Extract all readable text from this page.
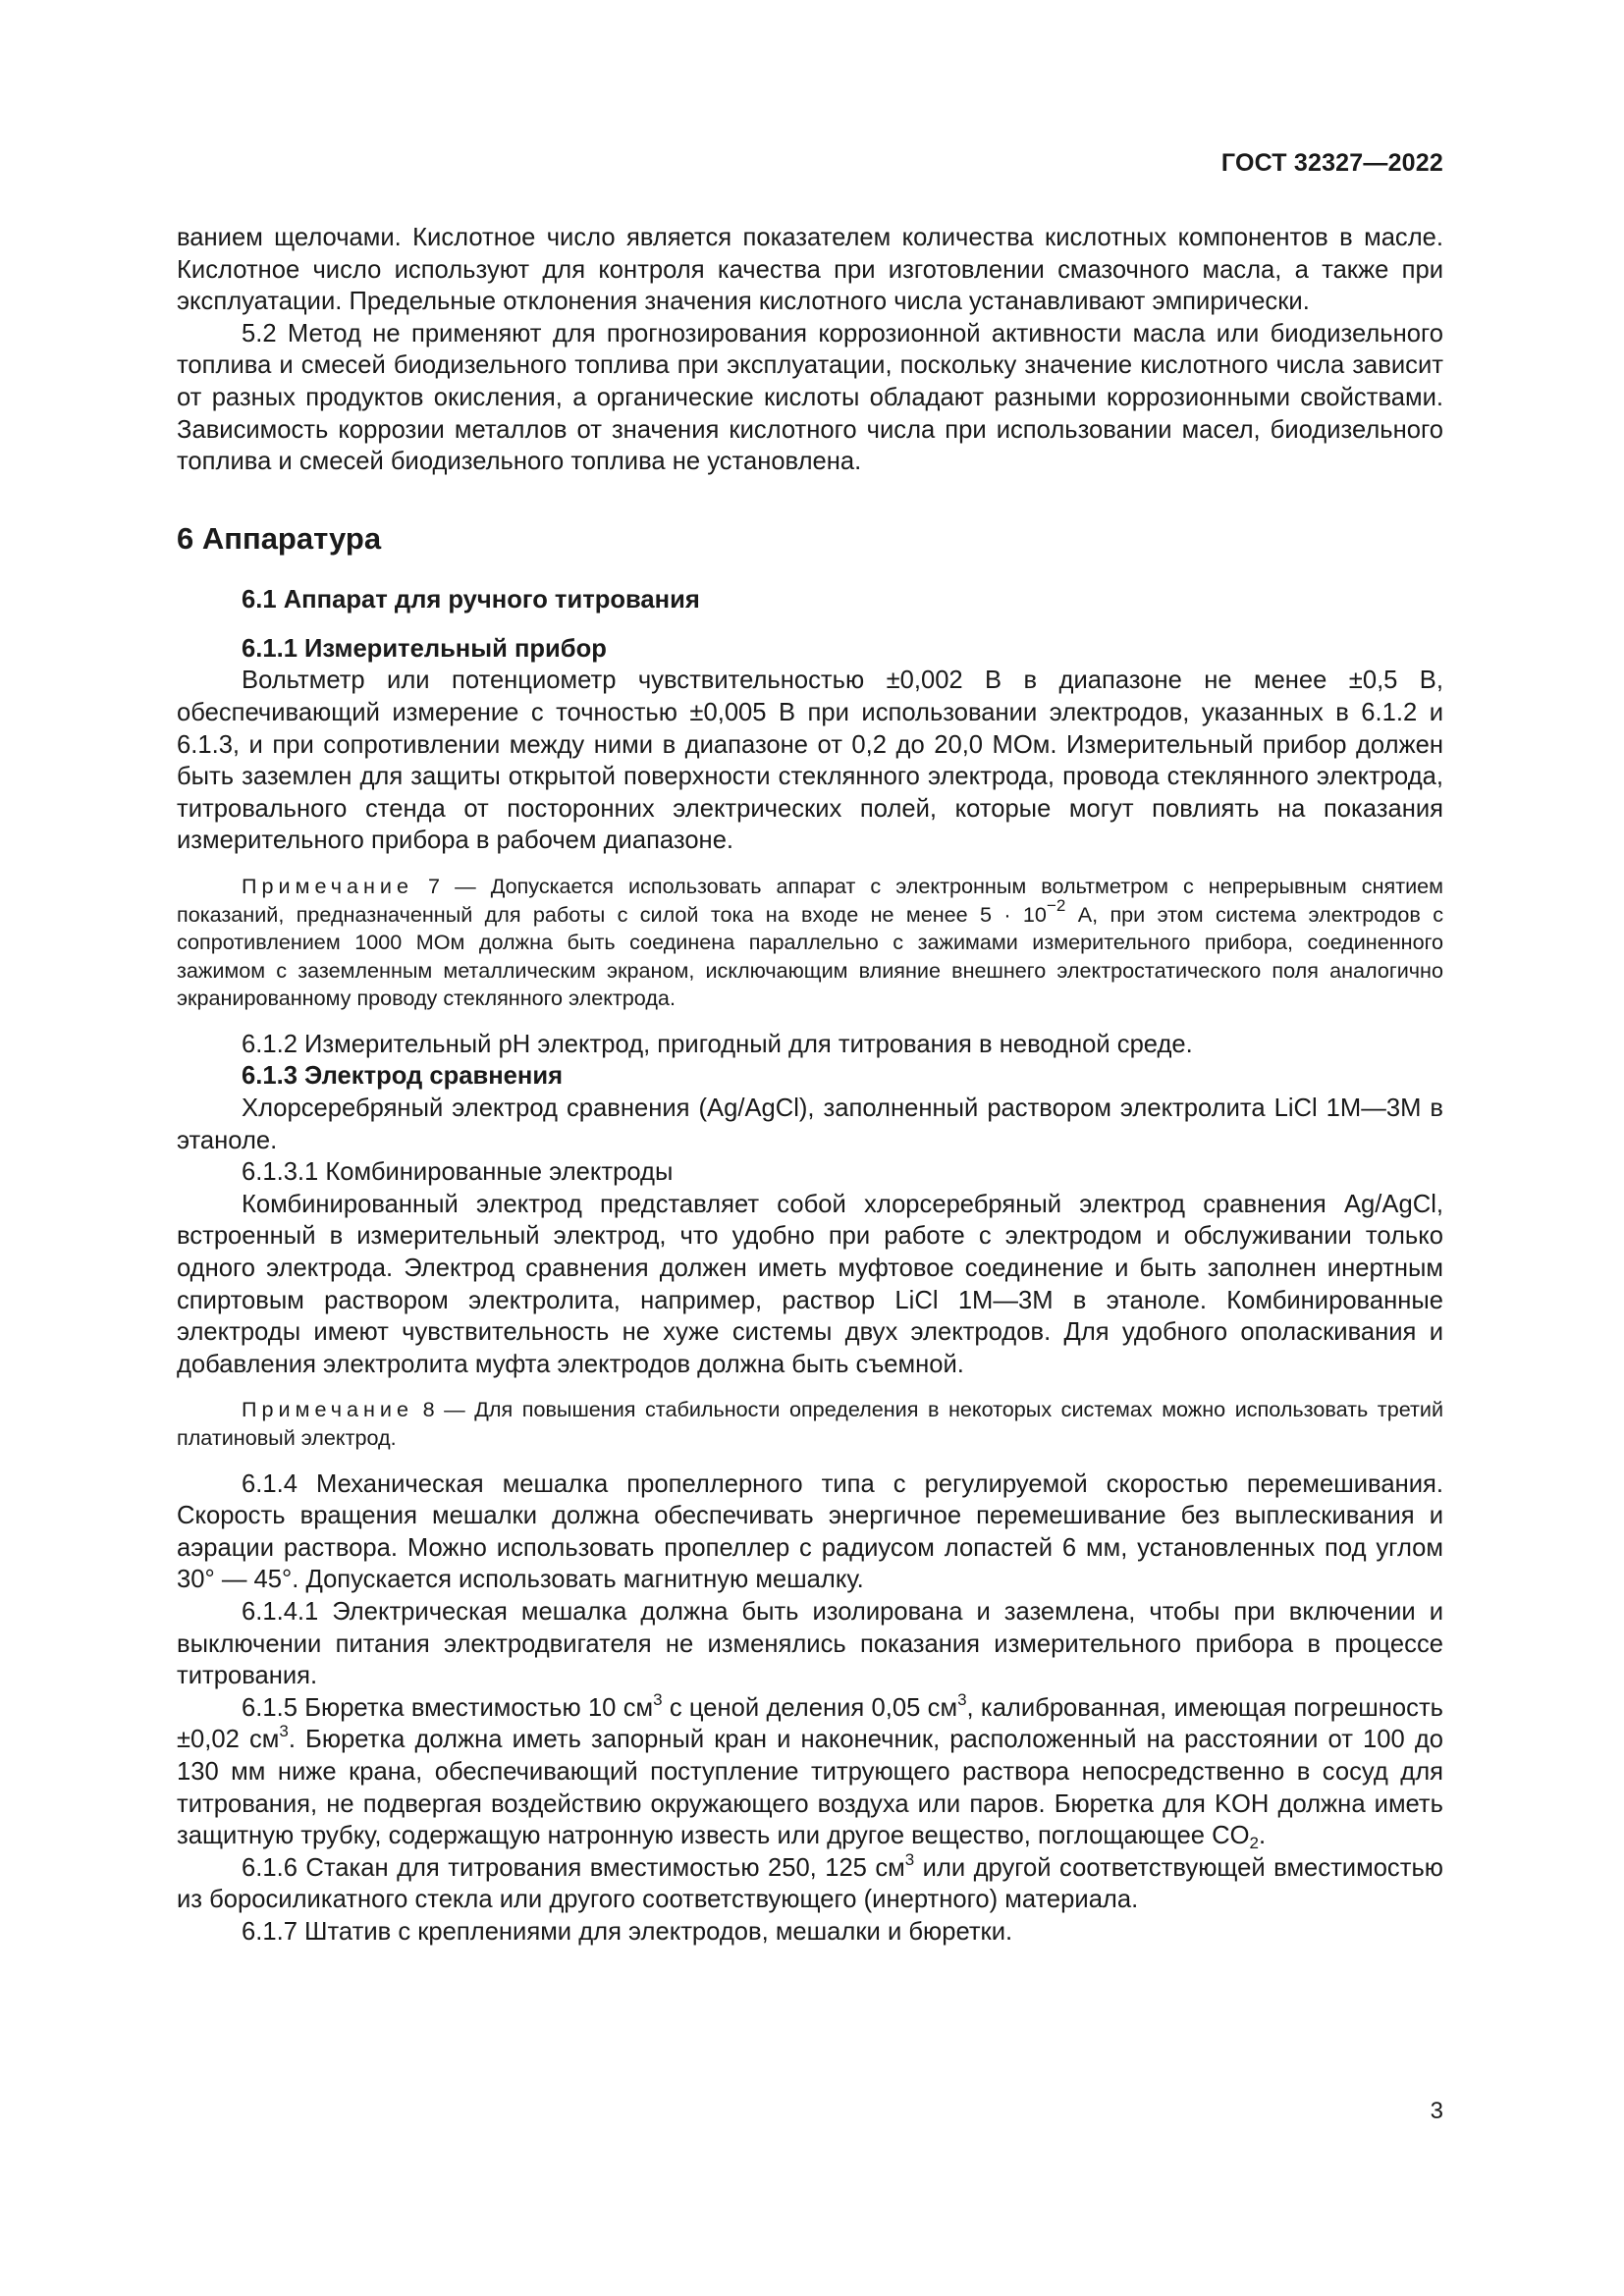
ГОСТ 32327—2022

ванием щелочами. Кислотное число является показателем количества кислотных компонентов в масле. Кислотное число используют для контроля качества при изготовлении смазочного масла, а также при эксплуатации. Предельные отклонения значения кислотного числа устанавливают эмпирически.

5.2 Метод не применяют для прогнозирования коррозионной активности масла или биодизельного топлива и смесей биодизельного топлива при эксплуатации, поскольку значение кислотного числа зависит от разных продуктов окисления, а органические кислоты обладают разными коррозионными свойствами. Зависимость коррозии металлов от значения кислотного числа при использовании масел, биодизельного топлива и смесей биодизельного топлива не установлена.

6 Аппаратура
6.1 Аппарат для ручного титрования
6.1.1 Измерительный прибор

Вольтметр или потенциометр чувствительностью ±0,002 В в диапазоне не менее ±0,5 В, обеспечивающий измерение с точностью ±0,005 В при использовании электродов, указанных в 6.1.2 и 6.1.3, и при сопротивлении между ними в диапазоне от 0,2 до 20,0 МОм. Измерительный прибор должен быть заземлен для защиты открытой поверхности стеклянного электрода, провода стеклянного электрода, титровального стенда от посторонних электрических полей, которые могут повлиять на показания измерительного прибора в рабочем диапазоне.

Примечание 7 — Допускается использовать аппарат с электронным вольтметром с непрерывным снятием показаний, предназначенный для работы с силой тока на входе не менее $5 \cdot 10^{-2}$ А, при этом система электродов с сопротивлением 1000 МОм должна быть соединена параллельно с зажимами измерительного прибора, соединенного зажимом с заземленным металлическим экраном, исключающим влияние внешнего электростатического поля аналогично экранированному проводу стеклянного электрода.

6.1.2 Измерительный рН электрод, пригодный для титрования в неводной среде.

6.1.3 Электрод сравнения

Хлорсеребряный электрод сравнения (Ag/AgCl), заполненный раствором электролита LiCl 1M—3M в этаноле.

6.1.3.1 Комбинированные электроды

Комбинированный электрод представляет собой хлорсеребряный электрод сравнения Ag/AgCl, встроенный в измерительный электрод, что удобно при работе с электродом и обслуживании только одного электрода. Электрод сравнения должен иметь муфтовое соединение и быть заполнен инертным спиртовым раствором электролита, например, раствор LiCl 1M—3M в этаноле. Комбинированные электроды имеют чувствительность не хуже системы двух электродов. Для удобного ополаскивания и добавления электролита муфта электродов должна быть съемной.

Примечание 8 — Для повышения стабильности определения в некоторых системах можно использовать третий платиновый электрод.

6.1.4 Механическая мешалка пропеллерного типа с регулируемой скоростью перемешивания. Скорость вращения мешалки должна обеспечивать энергичное перемешивание без выплескивания и аэрации раствора. Можно использовать пропеллер с радиусом лопастей 6 мм, установленных под углом 30° — 45°. Допускается использовать магнитную мешалку.

6.1.4.1 Электрическая мешалка должна быть изолирована и заземлена, чтобы при включении и выключении питания электродвигателя не изменялись показания измерительного прибора в процессе титрования.

6.1.5 Бюретка вместимостью 10 $см^3$ с ценой деления 0,05 $см^3$, калиброванная, имеющая погрешность ±0,02 $см^3$. Бюретка должна иметь запорный кран и наконечник, расположенный на расстоянии от 100 до 130 мм ниже крана, обеспечивающий поступление титрующего раствора непосредственно в сосуд для титрования, не подвергая воздействию окружающего воздуха или паров. Бюретка для KOH должна иметь защитную трубку, содержащую натронную известь или другое вещество, поглощающее $CO_2$.

6.1.6 Стакан для титрования вместимостью 250, 125 $см^3$ или другой соответствующей вместимостью из боросиликатного стекла или другого соответствующего (инертного) материала.

6.1.7 Штатив с креплениями для электродов, мешалки и бюретки.

3
